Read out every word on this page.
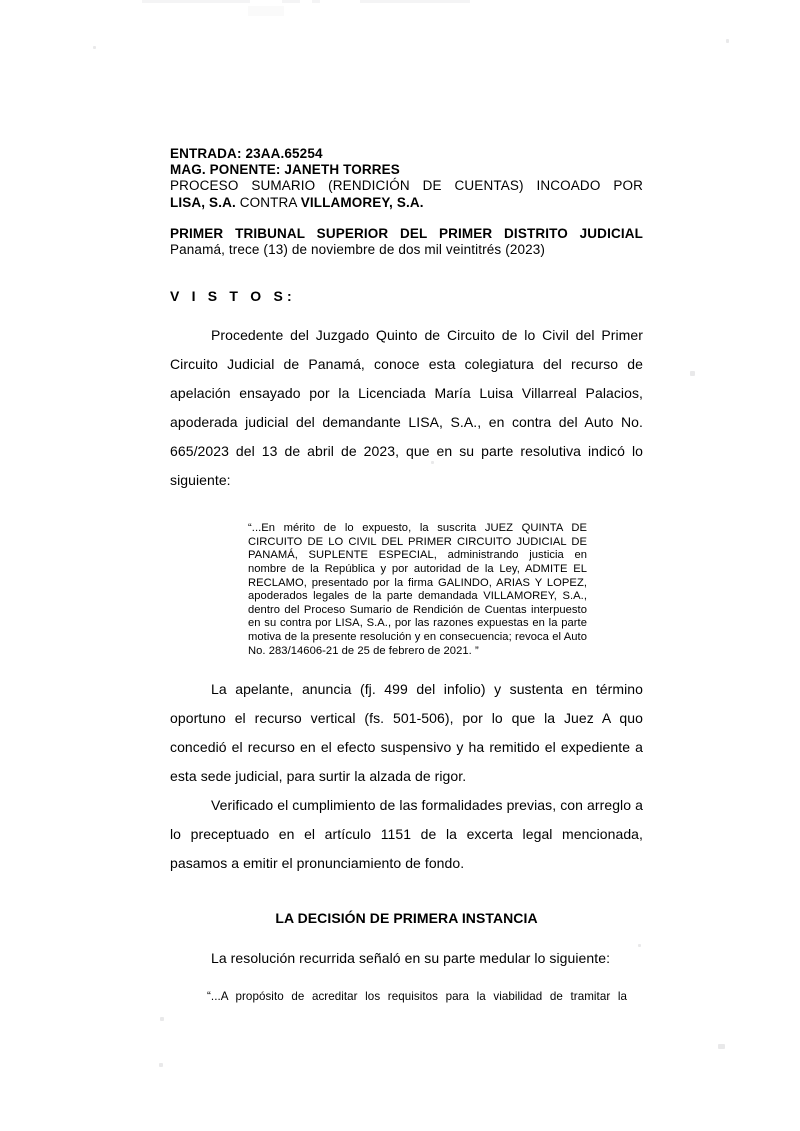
ENTRADA: 23AA.65254
MAG. PONENTE: JANETH TORRES
PROCESO SUMARIO (RENDICIÓN DE CUENTAS) INCOADO POR
LISA, S.A. CONTRA VILLAMOREY, S.A.
PRIMER TRIBUNAL SUPERIOR DEL PRIMER DISTRITO JUDICIAL
Panamá, trece (13) de noviembre de dos mil veintitrés (2023)
V I S T O S:

Procedente del Juzgado Quinto de Circuito de lo Civil del Primer Circuito Judicial de Panamá, conoce esta colegiatura del recurso de apelación ensayado por la Licenciada María Luisa Villarreal Palacios, apoderada judicial del demandante LISA, S.A., en contra del Auto No. 665/2023 del 13 de abril de 2023, que en su parte resolutiva indicó lo siguiente:

“...En mérito de lo expuesto, la suscrita JUEZ QUINTA DE CIRCUITO DE LO CIVIL DEL PRIMER CIRCUITO JUDICIAL DE PANAMÁ, SUPLENTE ESPECIAL, administrando justicia en nombre de la República y por autoridad de la Ley, ADMITE EL RECLAMO, presentado por la firma GALINDO, ARIAS Y LOPEZ, apoderados legales de la parte demandada VILLAMOREY, S.A., dentro del Proceso Sumario de Rendición de Cuentas interpuesto en su contra por LISA, S.A., por las razones expuestas en la parte motiva de la presente resolución y en consecuencia; revoca el Auto No. 283/14606-21 de 25 de febrero de 2021. ”

La apelante, anuncia (fj. 499 del infolio) y sustenta en término oportuno el recurso vertical (fs. 501-506), por lo que la Juez A quo concedió el recurso en el efecto suspensivo y ha remitido el expediente a esta sede judicial, para surtir la alzada de rigor.

Verificado el cumplimiento de las formalidades previas, con arreglo a lo preceptuado en el artículo 1151 de la excerta legal mencionada, pasamos a emitir el pronunciamiento de fondo.

LA DECISIÓN DE PRIMERA INSTANCIA

La resolución recurrida señaló en su parte medular lo siguiente:

“...A propósito de acreditar los requisitos para la viabilidad de tramitar la
